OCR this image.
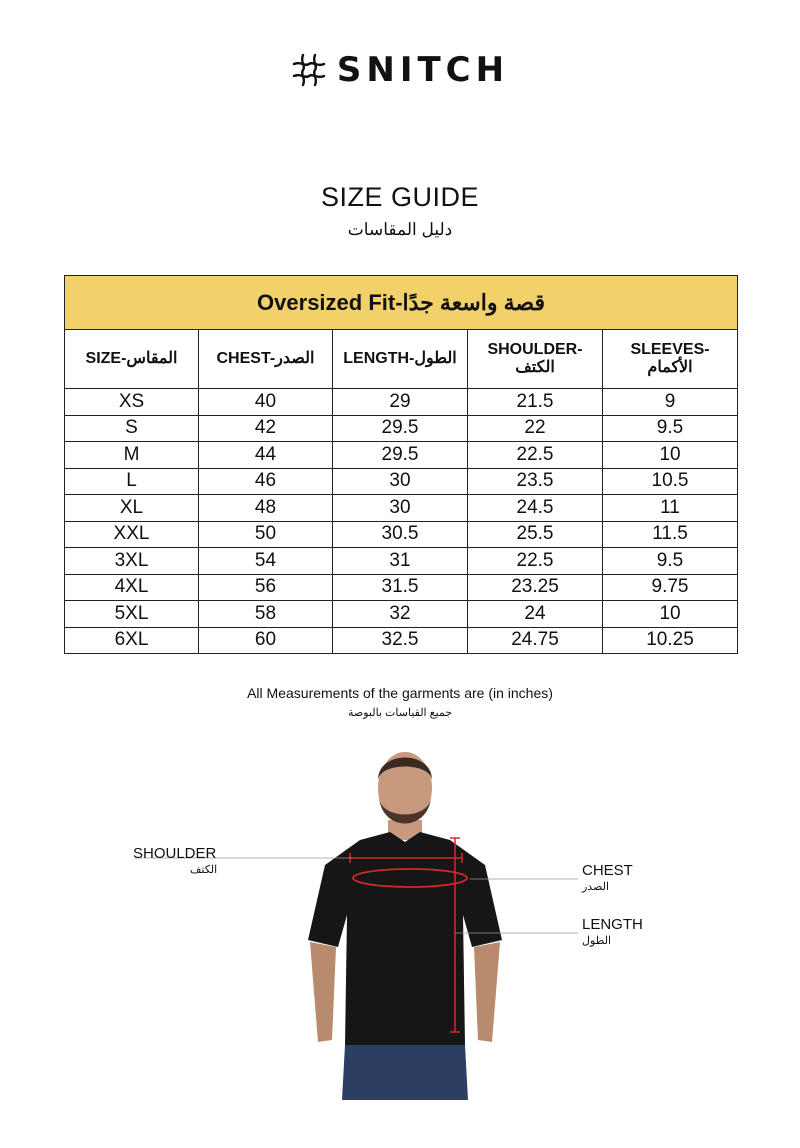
SNITCH
SIZE GUIDE
دليل المقاسات
Oversized Fit-قصة واسعة جدًا				
SIZE-المقاس	CHEST-الصدر	LENGTH-الطول	SHOULDER-
الكتف	SLEEVES-
الأكمام
XS	40	29	21.5	9
S	42	29.5	22	9.5
M	44	29.5	22.5	10
L	46	30	23.5	10.5
XL	48	30	24.5	11
XXL	50	30.5	25.5	11.5
3XL	54	31	22.5	9.5
4XL	56	31.5	23.25	9.75
5XL	58	32	24	10
6XL	60	32.5	24.75	10.25
All Measurements of the garments are (in inches)
جميع القياسات بالبوصة
SHOULDER
الكتف	CHEST
الصدر
LENGTH
الطول
